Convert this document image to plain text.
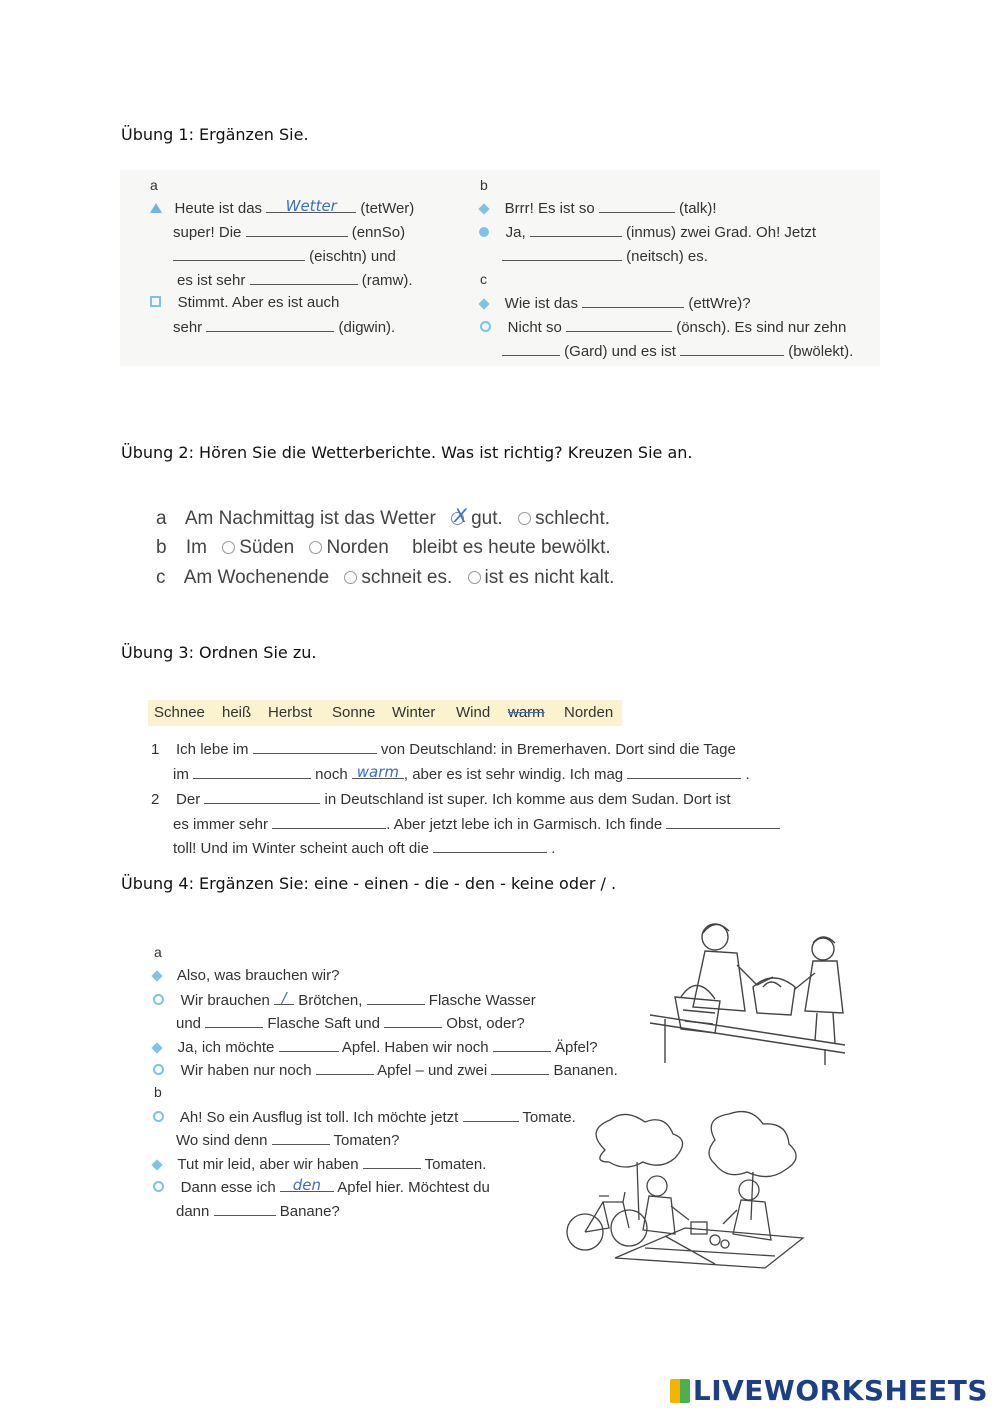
Übung 1: Ergänzen Sie.
a	b
c
Heute ist das Wetter (tetWer)
super! Die	(ennSo)
(eischtn) und
es ist sehr	(ramw).
Stimmt. Aber es ist auch
sehr	(digwin).
Brrr! Es ist so	(talk)!
Ja,	(inmus) zwei Grad. Oh! Jetzt
(neitsch) es.
Wie ist das	(ettWre)?
Nicht so	(önsch). Es sind nur zehn
(Gard) und es ist	(bwölekt).
Übung 2: Hören Sie die Wetterberichte. Was ist richtig? Kreuzen Sie an.
a Am Nachmittag ist das Wetter X gut. schlecht.
b Im Süden Norden bleibt es heute bewölkt.
c Am Wochenende schneit es. ist es nicht kalt.
Übung 3: Ordnen Sie zu.
Schnee heiß Herbst Sonne Winter Wind warm Norden
1 Ich lebe im	von Deutschland: in Bremerhaven. Dort sind die Tage
im	noch warm , aber es ist sehr windig. Ich mag	.
2 Der	in Deutschland ist super. Ich komme aus dem Sudan. Dort ist
es immer sehr	. Aber jetzt lebe ich in Garmisch. Ich finde
toll! Und im Winter scheint auch oft die	.
Übung 4: Ergänzen Sie: eine - einen - die - den - keine oder / .
a
Also, was brauchen wir?
Wir brauchen / Brötchen,	Flasche Wasser
und	Flasche Saft und	Obst, oder?
Ja, ich möchte	Apfel. Haben wir noch	Äpfel?
Wir haben nur noch	Apfel – und zwei	Bananen.
b
Ah! So ein Ausflug ist toll. Ich möchte jetzt	Tomate.
Wo sind denn	Tomaten?
Tut mir leid, aber wir haben	Tomaten.
Dann esse ich den Apfel hier. Möchtest du
dann	Banane?
LIVEWORKSHEETS
